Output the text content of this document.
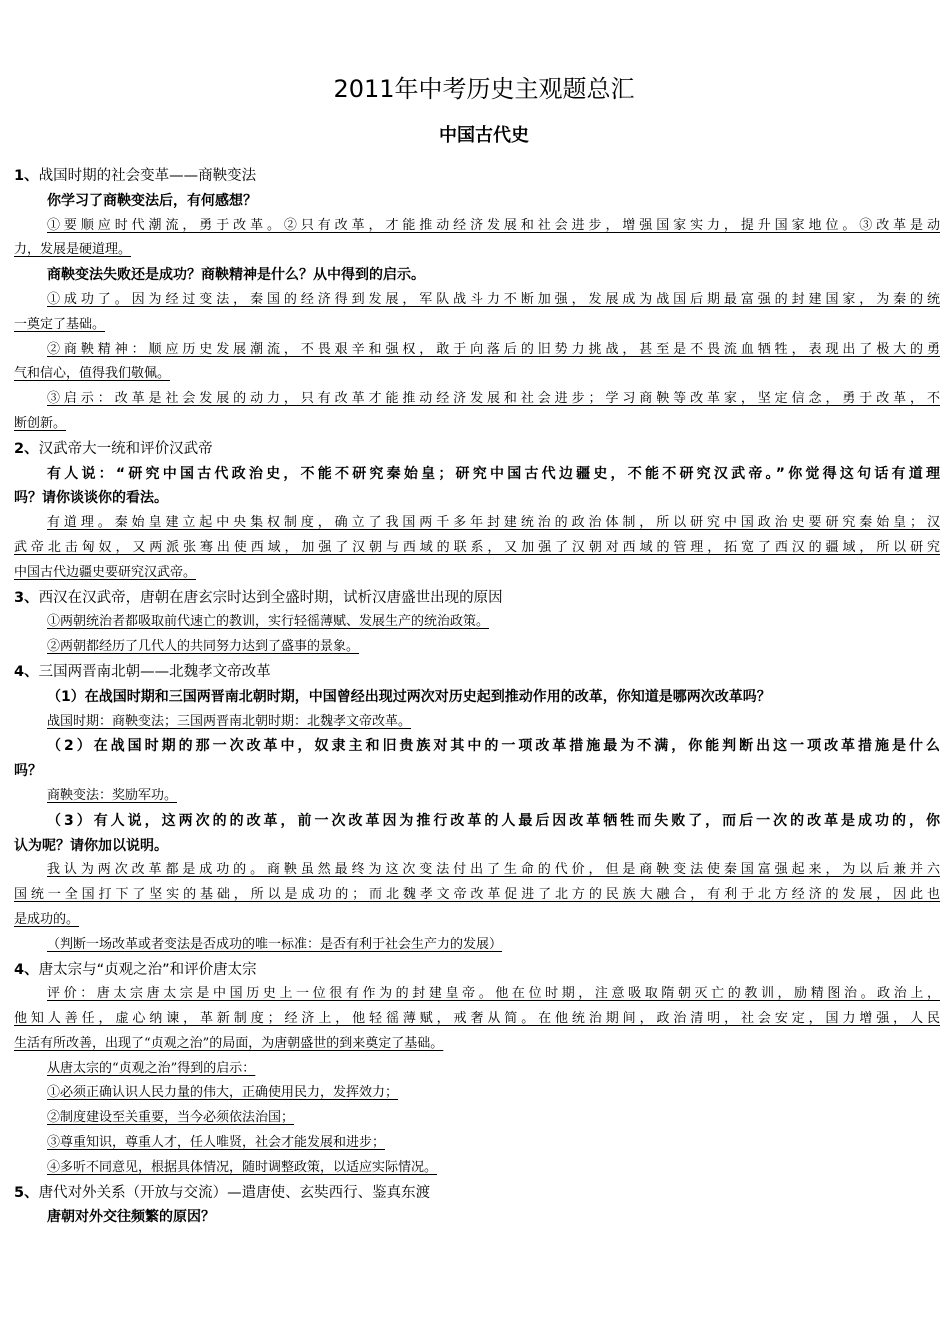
2011年中考历史主观题总汇
中国古代史
1、战国时期的社会变革——商鞅变法
你学习了商鞅变法后，有何感想？
①要顺应时代潮流，勇于改革。②只有改革，才能推动经济发展和社会进步，增强国家实力，提升国家地位。③改革是动
力，发展是硬道理。
商鞅变法失败还是成功？商鞅精神是什么？从中得到的启示。
①成功了。因为经过变法，秦国的经济得到发展，军队战斗力不断加强，发展成为战国后期最富强的封建国家，为秦的统
一奠定了基础。
②商鞅精神：顺应历史发展潮流，不畏艰辛和强权，敢于向落后的旧势力挑战，甚至是不畏流血牺牲，表现出了极大的勇
气和信心，值得我们敬佩。
③启示：改革是社会发展的动力，只有改革才能推动经济发展和社会进步；学习商鞅等改革家，坚定信念，勇于改革，不
断创新。
2、汉武帝大一统和评价汉武帝
有人说：“研究中国古代政治史，不能不研究秦始皇；研究中国古代边疆史，不能不研究汉武帝。”你觉得这句话有道理
吗？请你谈谈你的看法。
有道理。秦始皇建立起中央集权制度，确立了我国两千多年封建统治的政治体制，所以研究中国政治史要研究秦始皇；汉
武帝北击匈奴，又两派张骞出使西域，加强了汉朝与西域的联系，又加强了汉朝对西域的管理，拓宽了西汉的疆域，所以研究
中国古代边疆史要研究汉武帝。
3、西汉在汉武帝，唐朝在唐玄宗时达到全盛时期，试析汉唐盛世出现的原因
①两朝统治者都吸取前代速亡的教训，实行轻徭薄赋、发展生产的统治政策。
②两朝都经历了几代人的共同努力达到了盛事的景象。
4、三国两晋南北朝——北魏孝文帝改革
（1）在战国时期和三国两晋南北朝时期，中国曾经出现过两次对历史起到推动作用的改革，你知道是哪两次改革吗？
战国时期：商鞅变法；三国两晋南北朝时期：北魏孝文帝改革。
（2）在战国时期的那一次改革中，奴隶主和旧贵族对其中的一项改革措施最为不满，你能判断出这一项改革措施是什么
吗？
商鞅变法：奖励军功。
（3）有人说，这两次的的改革，前一次改革因为推行改革的人最后因改革牺牲而失败了，而后一次的改革是成功的，你
认为呢？请你加以说明。
我认为两次改革都是成功的。商鞅虽然最终为这次变法付出了生命的代价，但是商鞅变法使秦国富强起来，为以后兼并六
国统一全国打下了坚实的基础，所以是成功的；而北魏孝文帝改革促进了北方的民族大融合，有利于北方经济的发展，因此也
是成功的。
（判断一场改革或者变法是否成功的唯一标准：是否有利于社会生产力的发展）
4、唐太宗与“贞观之治”和评价唐太宗
评价：唐太宗唐太宗是中国历史上一位很有作为的封建皇帝。他在位时期，注意吸取隋朝灭亡的教训，励精图治。政治上，
他知人善任，虚心纳谏，革新制度；经济上，他轻徭薄赋，戒奢从简。在他统治期间，政治清明，社会安定，国力增强，人民
生活有所改善，出现了“贞观之治”的局面，为唐朝盛世的到来奠定了基础。
从唐太宗的“贞观之治”得到的启示：
①必须正确认识人民力量的伟大，正确使用民力，发挥效力；
②制度建设至关重要，当今必须依法治国；
③尊重知识，尊重人才，任人唯贤，社会才能发展和进步；
④多听不同意见，根据具体情况，随时调整政策，以适应实际情况。
5、唐代对外关系（开放与交流）—遣唐使、玄奘西行、鉴真东渡
唐朝对外交往频繁的原因？
